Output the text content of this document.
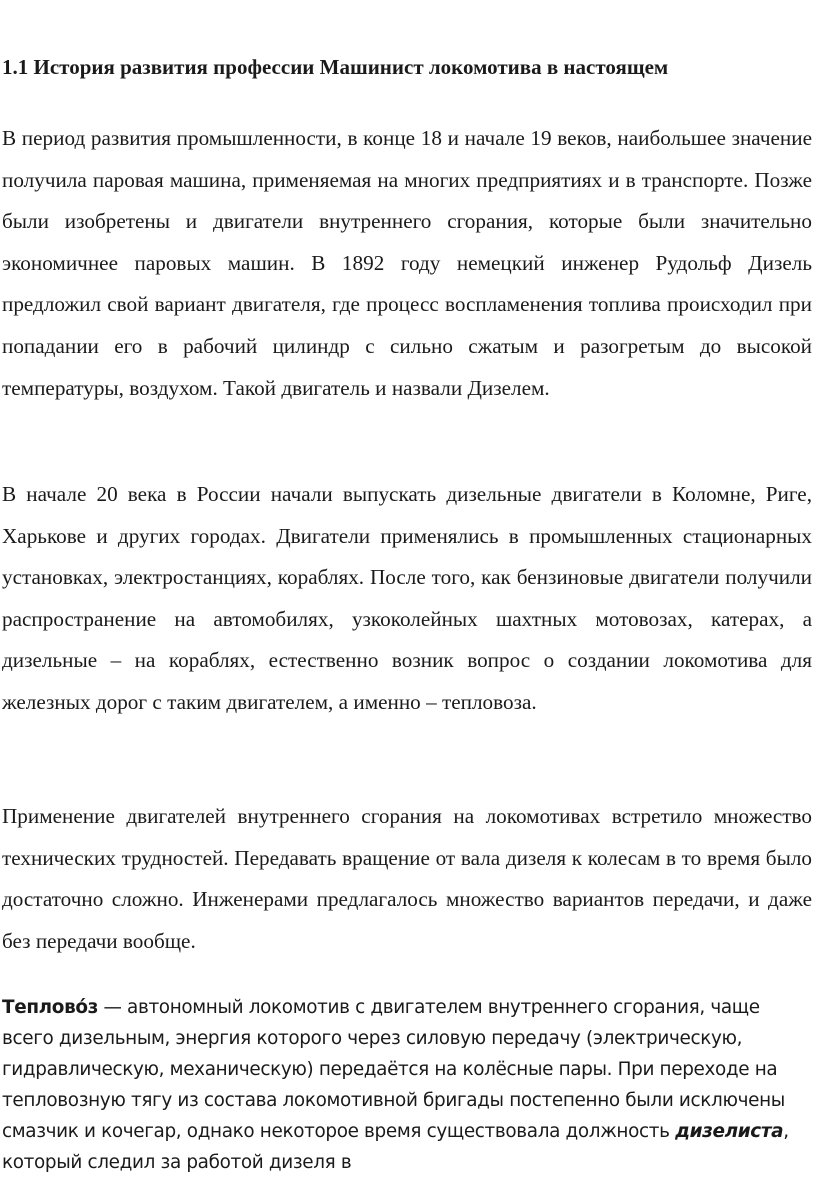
1.1 История развития профессии Машинист локомотива в настоящем

В период развития промышленности, в конце 18 и начале 19 веков, наибольшее значение получила паровая машина, применяемая на многих предприятиях и в транспорте. Позже были изобретены и двигатели внутреннего сгорания, которые были значительно экономичнее паровых машин. В 1892 году немецкий инженер Рудольф Дизель предложил свой вариант двигателя, где процесс воспламенения топлива происходил при попадании его в рабочий цилиндр с сильно сжатым и разогретым до высокой температуры, воздухом. Такой двигатель и назвали Дизелем.

В начале 20 века в России начали выпускать дизельные двигатели в Коломне, Риге, Харькове и других городах. Двигатели применялись в промышленных стационарных установках, электростанциях, кораблях. После того, как бензиновые двигатели получили распространение на автомобилях, узкоколейных шахтных мотовозах, катерах, а дизельные – на кораблях, естественно возник вопрос о создании локомотива для железных дорог с таким двигателем, а именно – тепловоза.

Применение двигателей внутреннего сгорания на локомотивах встретило множество технических трудностей. Передавать вращение от вала дизеля к колесам в то время было достаточно сложно. Инженерами предлагалось множество вариантов передачи, и даже без передачи вообще.

Теплово́з — автономный локомотив с двигателем внутреннего сгорания, чаще всего дизельным, энергия которого через силовую передачу (электрическую, гидравлическую, механическую) передаётся на колёсные пары. При переходе на тепловозную тягу из состава локомотивной бригады постепенно были исключены смазчик и кочегар, однако некоторое время существовала должность дизелиста, который следил за работой дизеля в
